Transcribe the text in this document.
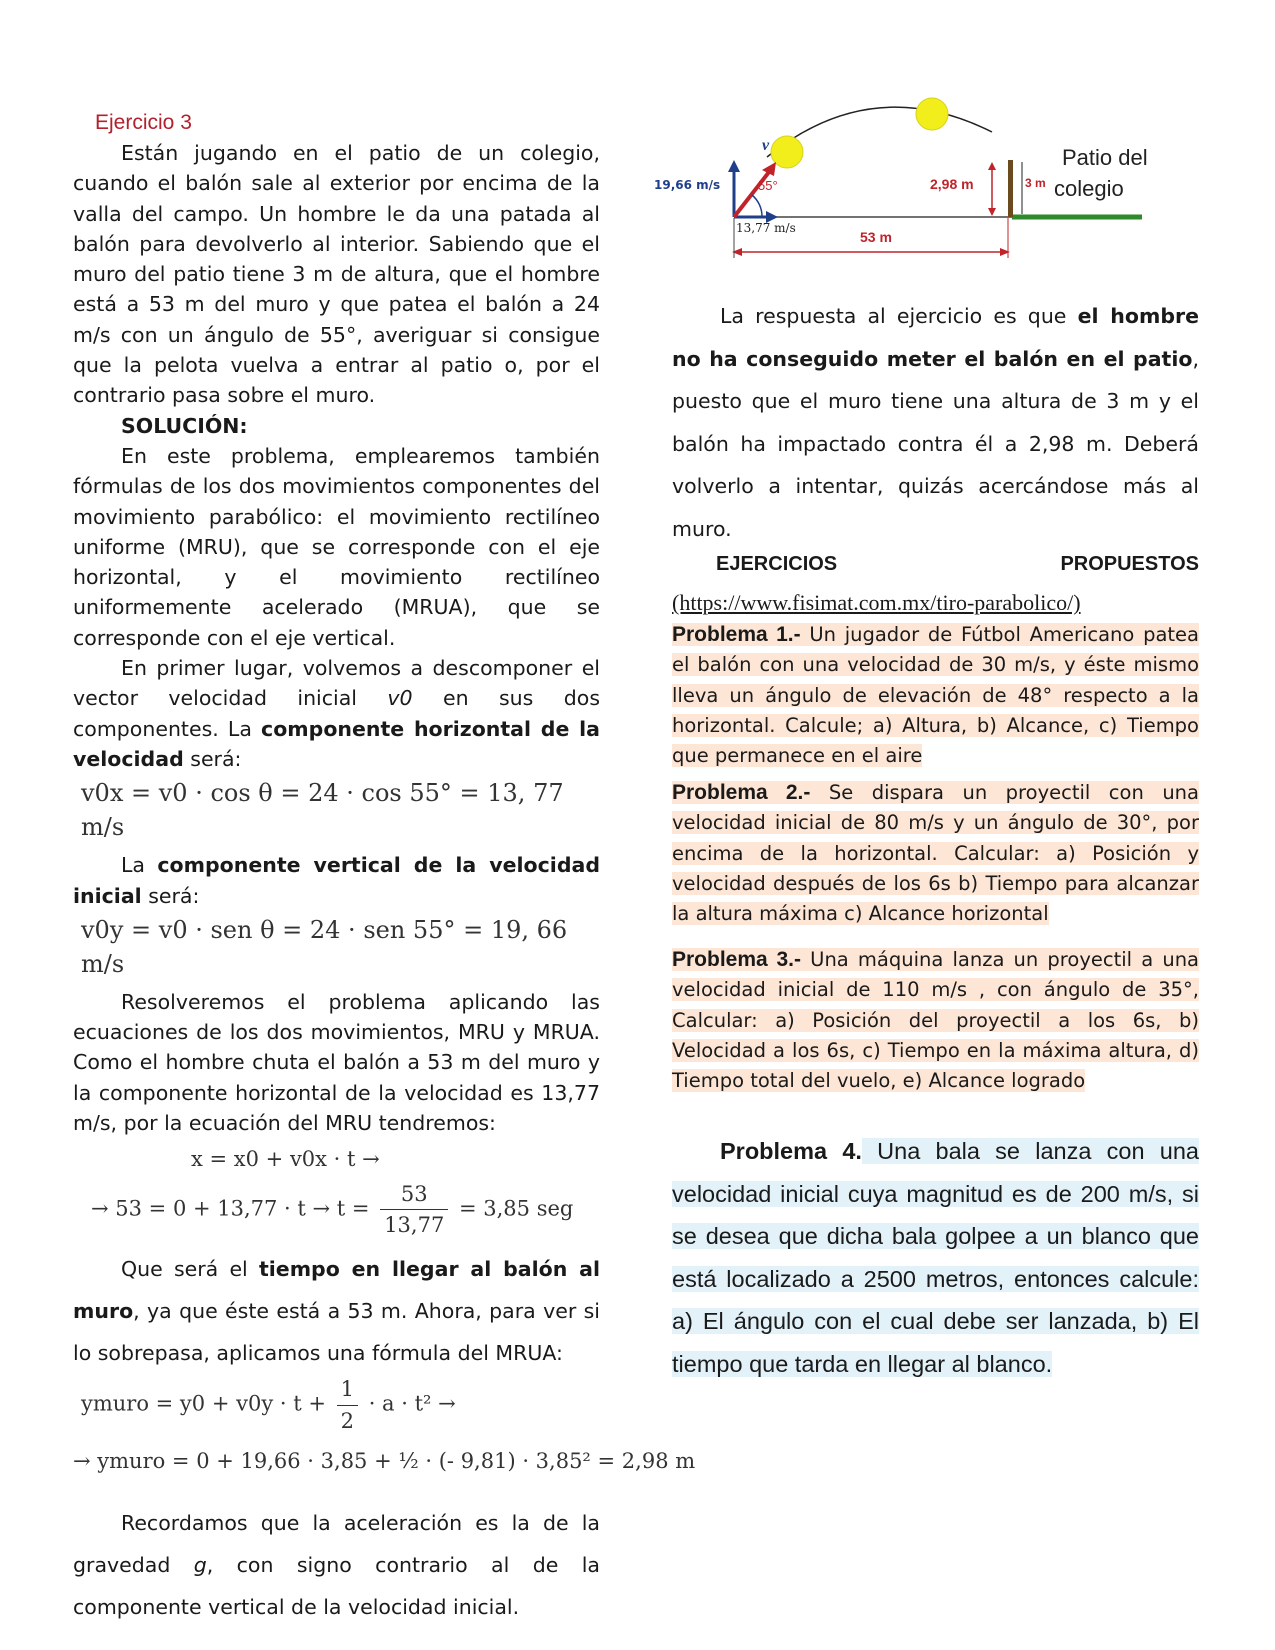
Ejercicio 3

Están jugando en el patio de un colegio, cuando el balón sale al exterior por encima de la valla del campo. Un hombre le da una patada al balón para devolverlo al interior. Sabiendo que el muro del patio tiene 3 m de altura, que el hombre está a 53 m del muro y que patea el balón a 24 m/s con un ángulo de 55°, averiguar si consigue que la pelota vuelva a entrar al patio o, por el contrario pasa sobre el muro.

SOLUCIÓN:

En este problema, emplearemos también fórmulas de los dos movimientos componentes del movimiento parabólico: el movimiento rectilíneo uniforme (MRU), que se corresponde con el eje horizontal, y el movimiento rectilíneo uniformemente acelerado (MRUA), que se corresponde con el eje vertical.

En primer lugar, volvemos a descomponer el vector velocidad inicial v0 en sus dos componentes. La componente horizontal de la velocidad será:

v0x = v0 · cos θ = 24 · cos 55° = 13, 77 m/s

La componente vertical de la velocidad inicial será:

v0y = v0 · sen θ = 24 · sen 55° = 19, 66 m/s

Resolveremos el problema aplicando las ecuaciones de los dos movimientos, MRU y MRUA. Como el hombre chuta el balón a 53 m del muro y la componente horizontal de la velocidad es 13,77 m/s, por la ecuación del MRU tendremos:

x = x0 + v0x · t →

→ $53 = 0 + 13,77 \cdot t \to t = \frac{53}{13,77} = 3,85$ seg

Que será el tiempo en llegar al balón al muro, ya que éste está a 53 m. Ahora, para ver si lo sobrepasa, aplicamos una fórmula del MRUA:

ymuro = $y0 + v0y \cdot t + \frac{1}{2} \cdot a \cdot t^2$ →

→ ymuro = 0 + 19,66 · 3,85 + ½ · (- 9,81) · 3,85² = 2,98 m

Recordamos que la aceleración es la de la gravedad g, con signo contrario al de la componente vertical de la velocidad inicial.

v
19,66 m/s	55°
13,77 m/s
53 m
2,98 m	3 m
Patio del
colegio

La respuesta al ejercicio es que el hombre no ha conseguido meter el balón en el patio, puesto que el muro tiene una altura de 3 m y el balón ha impactado contra él a 2,98 m. Deberá volverlo a intentar, quizás acercándose más al muro.

EJERCICIOS	PROPUESTOS
(https://www.fisimat.com.mx/tiro-parabolico/)

Problema 1.- Un jugador de Fútbol Americano patea el balón con una velocidad de 30 m/s, y éste mismo lleva un ángulo de elevación de 48° respecto a la horizontal. Calcule; a) Altura, b) Alcance, c) Tiempo que permanece en el aire

Problema 2.- Se dispara un proyectil con una velocidad inicial de 80 m/s y un ángulo de 30°, por encima de la horizontal. Calcular: a) Posición y velocidad después de los 6s b) Tiempo para alcanzar la altura máxima c) Alcance horizontal

Problema 3.- Una máquina lanza un proyectil a una velocidad inicial de 110 m/s , con ángulo de 35°, Calcular: a) Posición del proyectil a los 6s, b) Velocidad a los 6s, c) Tiempo en la máxima altura, d) Tiempo total del vuelo, e) Alcance logrado

Problema 4. Una bala se lanza con una velocidad inicial cuya magnitud es de 200 m/s, si se desea que dicha bala golpee a un blanco que está localizado a 2500 metros, entonces calcule: a) El ángulo con el cual debe ser lanzada, b) El tiempo que tarda en llegar al blanco.
